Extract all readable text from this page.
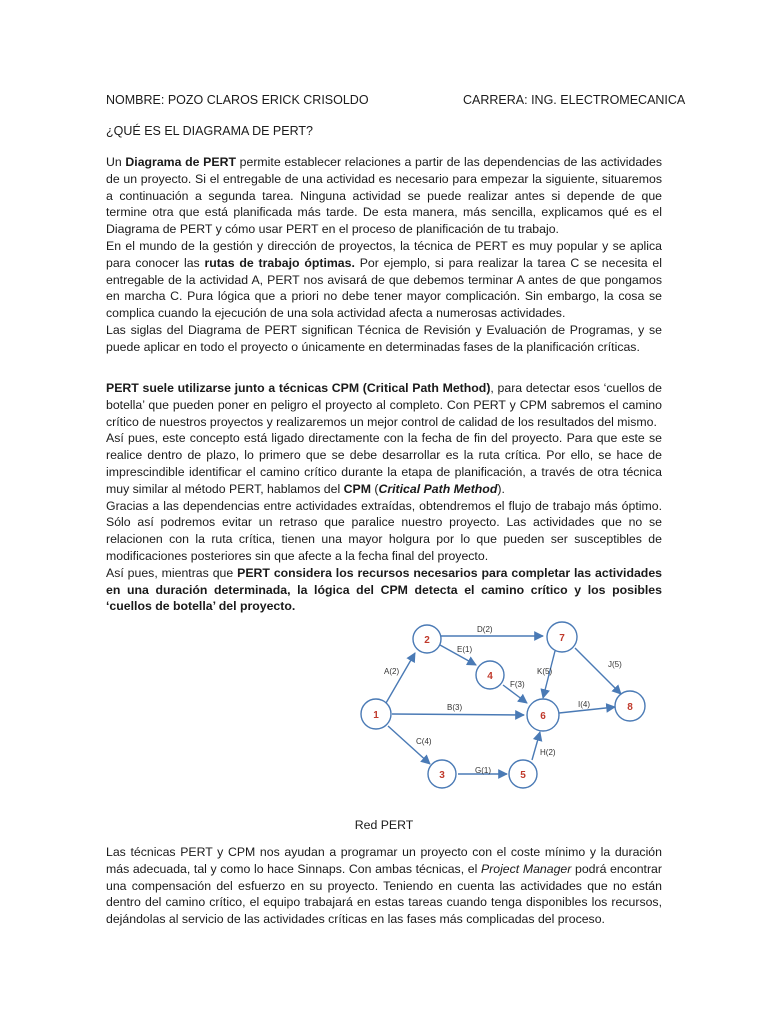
NOMBRE: POZO CLAROS ERICK CRISOLDO	CARRERA: ING. ELECTROMECANICA
¿QUÉ ES EL DIAGRAMA DE PERT?

Un Diagrama de PERT permite establecer relaciones a partir de las dependencias de las actividades de un proyecto. Si el entregable de una actividad es necesario para empezar la siguiente, situaremos a continuación a segunda tarea. Ninguna actividad se puede realizar antes si depende de que termine otra que está planificada más tarde. De esta manera, más sencilla, explicamos qué es el Diagrama de PERT y cómo usar PERT en el proceso de planificación de tu trabajo.

En el mundo de la gestión y dirección de proyectos, la técnica de PERT es muy popular y se aplica para conocer las rutas de trabajo óptimas. Por ejemplo, si para realizar la tarea C se necesita el entregable de la actividad A, PERT nos avisará de que debemos terminar A antes de que pongamos en marcha C. Pura lógica que a priori no debe tener mayor complicación. Sin embargo, la cosa se complica cuando la ejecución de una sola actividad afecta a numerosas actividades.

Las siglas del Diagrama de PERT significan Técnica de Revisión y Evaluación de Programas, y se puede aplicar en todo el proyecto o únicamente en determinadas fases de la planificación críticas.

PERT suele utilizarse junto a técnicas CPM (Critical Path Method), para detectar esos ‘cuellos de botella’ que pueden poner en peligro el proyecto al completo. Con PERT y CPM sabremos el camino crítico de nuestros proyectos y realizaremos un mejor control de calidad de los resultados del mismo.

Así pues, este concepto está ligado directamente con la fecha de fin del proyecto. Para que este se realice dentro de plazo, lo primero que se debe desarrollar es la ruta crítica. Por ello, se hace de imprescindible identificar el camino crítico durante la etapa de planificación, a través de otra técnica muy similar al método PERT, hablamos del CPM (Critical Path Method).

Gracias a las dependencias entre actividades extraídas, obtendremos el flujo de trabajo más óptimo. Sólo así podremos evitar un retraso que paralice nuestro proyecto. Las actividades que no se relacionen con la ruta crítica, tienen una mayor holgura por lo que pueden ser susceptibles de modificaciones posteriores sin que afecte a la fecha final del proyecto.

Así pues, mientras que PERT considera los recursos necesarios para completar las actividades en una duración determinada, la lógica del CPM detecta el camino crítico y los posibles ‘cuellos de botella’ del proyecto.

A(2)
D(2)
E(1)
K(5)
J(5)
F(3)
B(3)	I(4)
C(4)
G(1)
H(2)
1
2
3
4
5
6
7
8
Red PERT

Las técnicas PERT y CPM nos ayudan a programar un proyecto con el coste mínimo y la duración más adecuada, tal y como lo hace Sinnaps. Con ambas técnicas, el Project Manager podrá encontrar una compensación del esfuerzo en su proyecto. Teniendo en cuenta las actividades que no están dentro del camino crítico, el equipo trabajará en estas tareas cuando tenga disponibles los recursos, dejándolas al servicio de las actividades críticas en las fases más complicadas del proceso.
